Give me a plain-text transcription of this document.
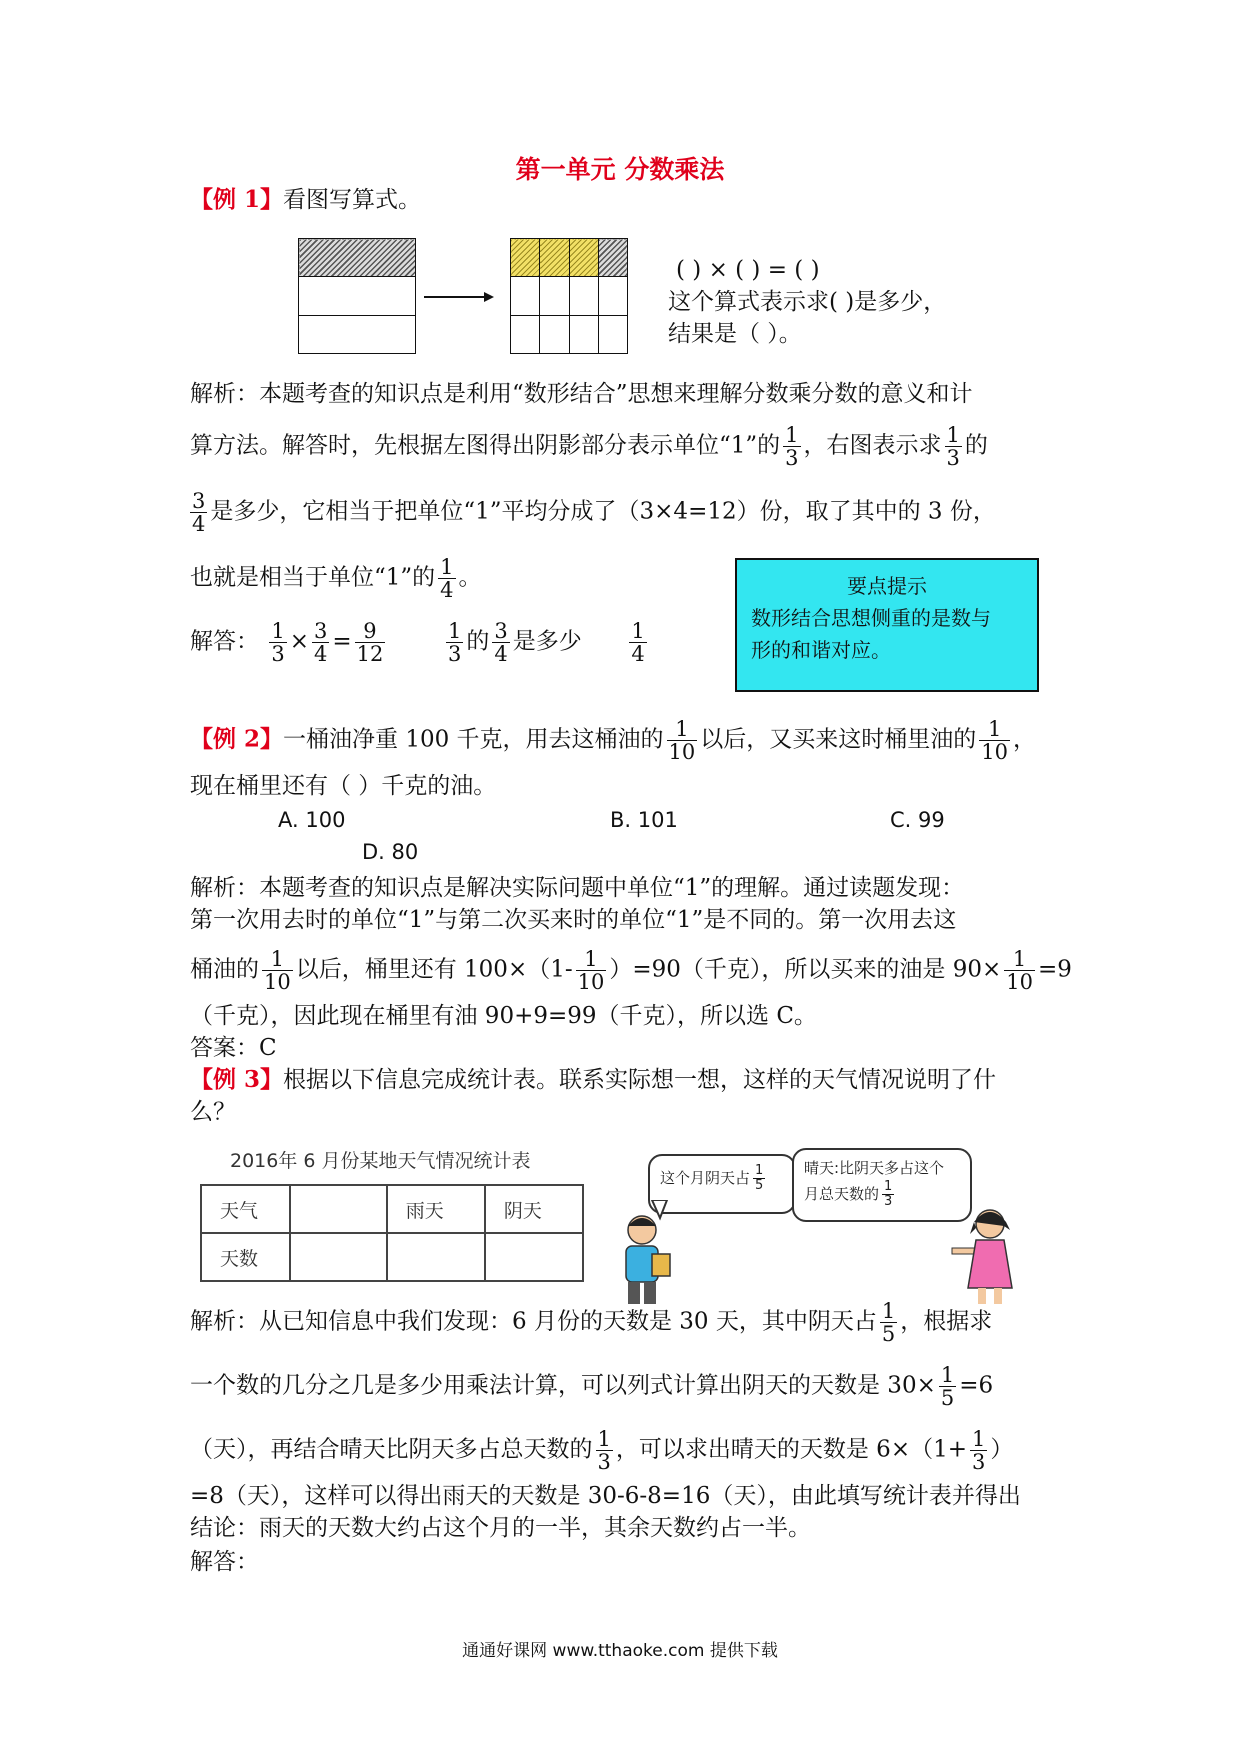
第一单元 分数乘法
【例 1】看图写算式。

( ) × ( ) = ( )
这个算式表示求( )是多少，
结果是（ ）。
解析：本题考查的知识点是利用“数形结合”思想来理解分数乘分数的意义和计
算方法。解答时，先根据左图得出阴影部分表示单位“1”的 $\frac{1}{3}$ ，右图表示求 $\frac{1}{3}$ 的
$\frac{3}{4}$ 是多少，它相当于把单位“1”平均分成了（3×4=12）份，取了其中的 3 份，
也就是相当于单位“1”的 $\frac{1}{4}$ 。
解答： $\frac{1}{3} \times \frac{3}{4} = \frac{9}{12}$
	$\frac{1}{3}$ 的 $\frac{3}{4}$ 是多少 $\frac{1}{4}$
要点提示
数形结合思想侧重的是数与
形的和谐对应。
【例 2】一桶油净重 100 千克，用去这桶油的 $\frac{1}{10}$ 以后，又买来这时桶里油的 $\frac{1}{10}$ ，
现在桶里还有（ ）千克的油。
A. 100	B. 101	C. 99
D. 80
解析：本题考查的知识点是解决实际问题中单位“1”的理解。通过读题发现：
第一次用去时的单位“1”与第二次买来时的单位“1”是不同的。第一次用去这
桶油的 $\frac{1}{10}$ 以后，桶里还有 $100\times(1- \frac{1}{10} )=90$（千克），所以买来的油是 $90\times \frac{1}{10} =9$
（千克），因此现在桶里有油 90+9=99（千克），所以选 C。
答案：C
【例 3】根据以下信息完成统计表。联系实际想一想，这样的天气情况说明了什
么？
2016年 6 月份某地天气情况统计表
天气		雨天	阴天
天数			
这个月阴天占 $\frac{1}{5}$	晴天:比阴天多占这个
月总天数的 $\frac{1}{3}$
解析：从已知信息中我们发现：6 月份的天数是 30 天，其中阴天占 $\frac{1}{5}$ ，根据求
一个数的几分之几是多少用乘法计算，可以列式计算出阴天的天数是 $30\times \frac{1}{5} =6$
（天），再结合晴天比阴天多占总天数的 $\frac{1}{3}$ ，可以求出晴天的天数是 $6\times(1+ \frac{1}{3}$ ）
=8（天），这样可以得出雨天的天数是 30-6-8=16（天），由此填写统计表并得出
结论：雨天的天数大约占这个月的一半，其余天数约占一半。
解答：
通通好课网 www.tthaoke.com 提供下载
